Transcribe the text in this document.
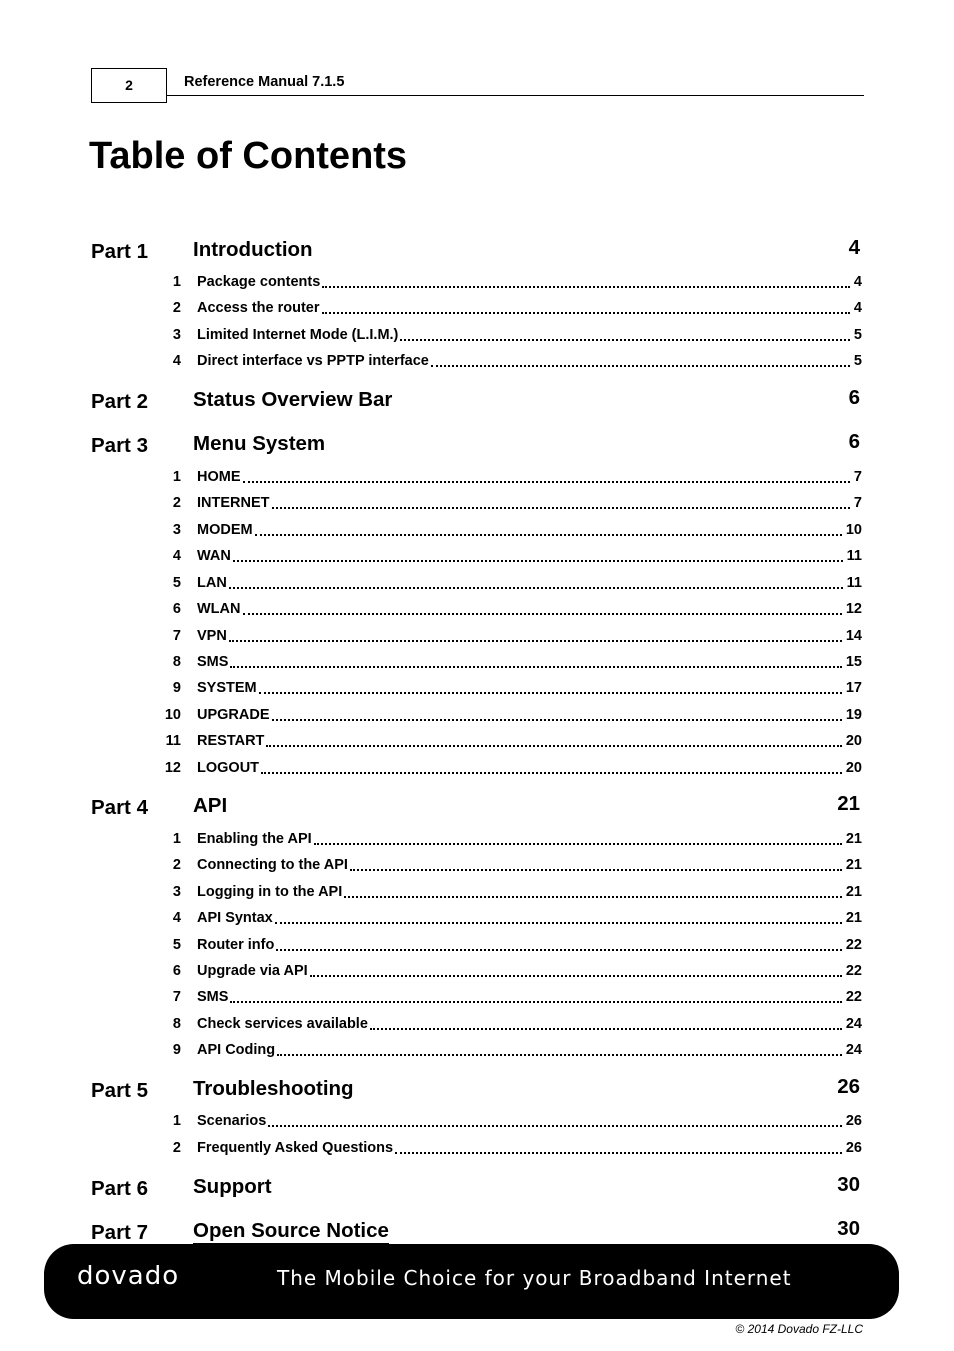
2	Reference Manual 7.1.5
Table of Contents
Part 1 Introduction	4
1 Package contents	4
2 Access the router	4
3 Limited Internet Mode (L.I.M.)	5
4 Direct interface vs PPTP interface	5
Part 2 Status Overview Bar	6
Part 3 Menu System	6
1 HOME	7
2 INTERNET	7
3 MODEM	10
4 WAN	11
5 LAN	11
6 WLAN	12
7 VPN	14
8 SMS	15
9 SYSTEM	17
10 UPGRADE	19
11 RESTART	20
12 LOGOUT	20
Part 4 API	21
1 Enabling the API	21
2 Connecting to the API	21
3 Logging in to the API	21
4 API Syntax	21
5 Router info	22
6 Upgrade via API	22
7 SMS	22
8 Check services available	24
9 API Coding	24
Part 5 Troubleshooting	26
1 Scenarios	26
2 Frequently Asked Questions	26
Part 6 Support	30
Part 7 Open Source Notice	30
dovado	The Mobile Choice for your Broadband Internet
© 2014 Dovado FZ-LLC
